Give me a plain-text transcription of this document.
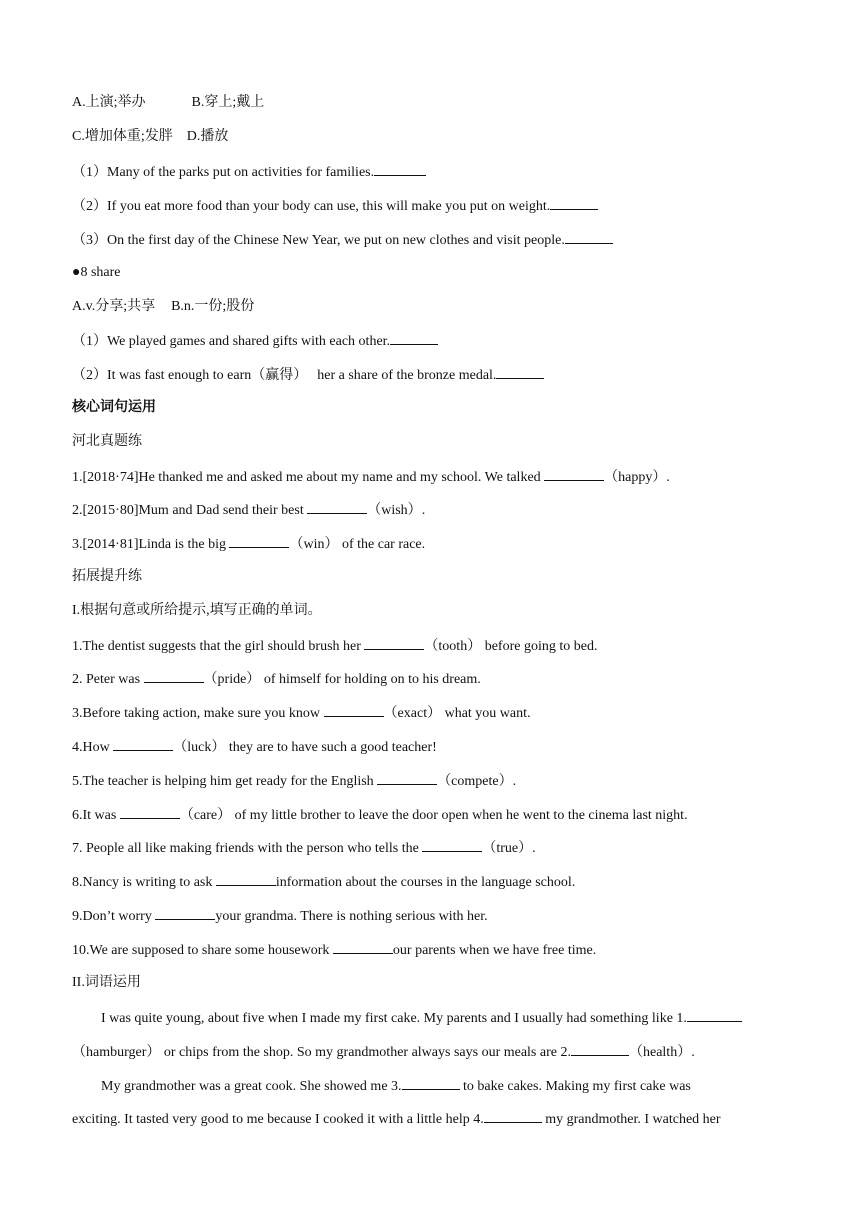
A.上演;举办	B.穿上;戴上
C.增加体重;发胖 D.播放
（1）Many of the parks put on activities for families.
（2）If you eat more food than your body can use, this will make you put on weight.
（3）On the first day of the Chinese New Year, we put on new clothes and visit people.
●8 share
A.v.分享;共享 B.n.一份;股份
（1）We played games and shared gifts with each other.
（2）It was fast enough to earn（赢得） her a share of the bronze medal.
核心词句运用
河北真题练
1.[2018·74]He thanked me and asked me about my name and my school. We talked	（happy）.
2.[2015·80]Mum and Dad send their best	（wish）.
3.[2014·81]Linda is the big	（win） of the car race.
拓展提升练
I.根据句意或所给提示,填写正确的单词。
1.The dentist suggests that the girl should brush her	（tooth） before going to bed.
2. Peter was	（pride） of himself for holding on to his dream.
3.Before taking action, make sure you know	（exact） what you want.
4.How	（luck） they are to have such a good teacher!
5.The teacher is helping him get ready for the English	（compete）.
6.It was	（care） of my little brother to leave the door open when he went to the cinema last night.
7. People all like making friends with the person who tells the	（true）.
8.Nancy is writing to ask	information about the courses in the language school.
9.Don’t worry	your grandma. There is nothing serious with her.
10.We are supposed to share some housework	our parents when we have free time.
II.词语运用
I was quite young, about five when I made my first cake. My parents and I usually had something like 1.
（hamburger） or chips from the shop. So my grandmother always says our meals are 2.	（health）.
My grandmother was a great cook. She showed me 3.	to bake cakes. Making my first cake was
exciting. It tasted very good to me because I cooked it with a little help 4.	my grandmother. I watched her
